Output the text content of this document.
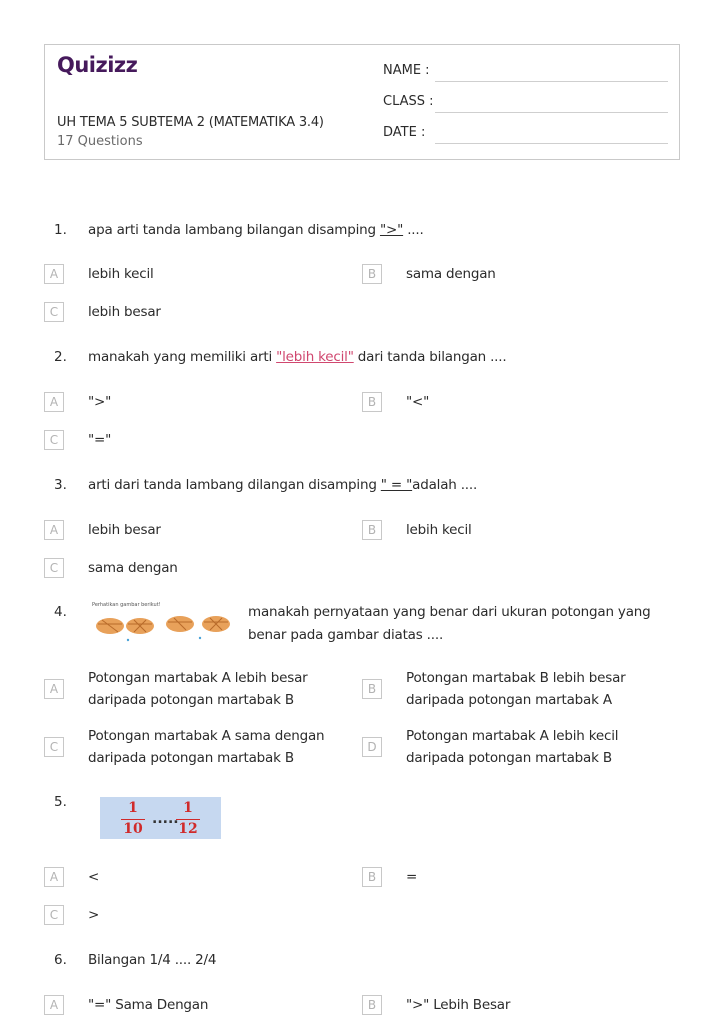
Quizizz
UH TEMA 5 SUBTEMA 2 (MATEMATIKA 3.4)
17 Questions
NAME :
CLASS :
DATE :
1. apa arti tanda lambang bilangan disamping ">" ....
A	lebih kecil	B	sama dengan
C	lebih besar
2. manakah yang memiliki arti "lebih kecil" dari tanda bilangan ....
A	">"	B	"<"
C	"="
3. arti dari tanda lambang dilangan disamping " = "adalah ....
A	lebih besar	B	lebih kecil
C	sama dengan
4.	Perhatikan gambar berikut!	manakah pernyataan yang benar dari ukuran potongan yang
benar pada gambar diatas ....
A
Potongan martabak A lebih besar
daripada potongan martabak B
B
Potongan martabak B lebih besar
daripada potongan martabak A
C
Potongan martabak A sama dengan
daripada potongan martabak B
D
Potongan martabak A lebih kecil
daripada potongan martabak B
5.	1
10
.....
1
12
A	<	B	=
C	>
6. Bilangan 1/4 .... 2/4
A	"=" Sama Dengan	B	">" Lebih Besar
